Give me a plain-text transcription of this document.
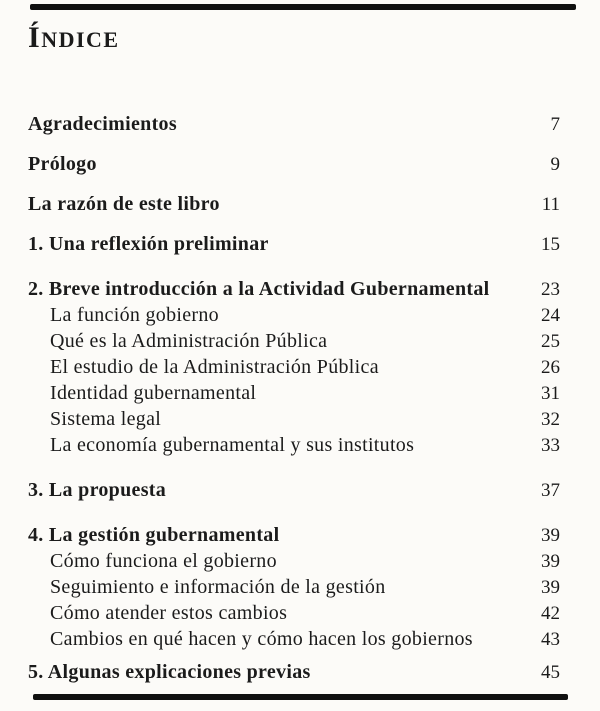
ÍNDICE
Agradecimientos	7
Prólogo	9
La razón de este libro	11
1. Una reflexión preliminar	15
2. Breve introducción a la Actividad Gubernamental	23
La función gobierno	24
Qué es la Administración Pública	25
El estudio de la Administración Pública	26
Identidad gubernamental	31
Sistema legal	32
La economía gubernamental y sus institutos	33
3. La propuesta	37
4. La gestión gubernamental	39
Cómo funciona el gobierno	39
Seguimiento e información de la gestión	39
Cómo atender estos cambios	42
Cambios en qué hacen y cómo hacen los gobiernos	43
5. Algunas explicaciones previas	45
